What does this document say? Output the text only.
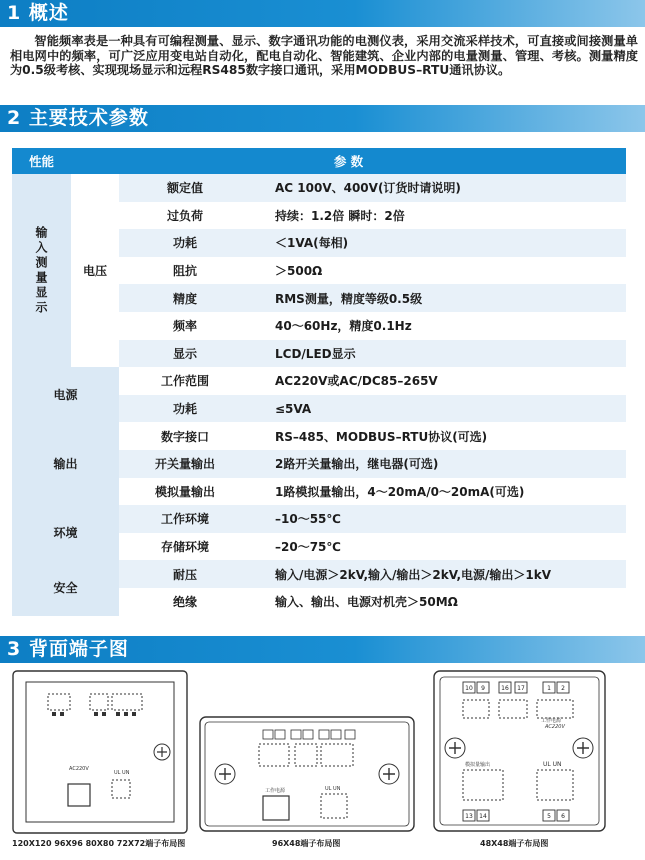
1 概述

智能频率表是一种具有可编程测量、显示、数字通讯功能的电测仪表，采用交流采样技术，可直接或间接测量单相电网中的频率，可广泛应用变电站自动化，配电自动化、智能建筑、企业内部的电量测量、管理、考核。测量精度为0.5级考核、实现现场显示和远程RS485数字接口通讯，采用MODBUS–RTU通讯协议。

2 主要技术参数
性能	参 数		

输入测量显示	电压	额定值	AC 100V、400V(订货时请说明)
		过负荷	持续：1.2倍 瞬时：2倍
		功耗	＜1VA(每相)
		阻抗	＞500Ω
		精度	RMS测量，精度等级0.5级
		频率	40～60Hz，精度0.1Hz
		显示	LCD/LED显示
电源		工作范围	AC220V或AC/DC85–265V
		功耗	≤5VA
输出		数字接口	RS–485、MODBUS–RTU协议(可选)
		开关量输出	2路开关量输出，继电器(可选)
		模拟量输出	1路模拟量输出，4～20mA/0～20mA(可选)
环境		工作环境	–10～55℃
		存储环境	–20～75℃
安全		耐压	输入/电源＞2kV,输入/输出＞2kV,电源/输出＞1kV
		绝缘	输入、输出、电源对机壳＞50MΩ
3 背面端子图
AC220V
UL UN
工作电源	UL UN
10 9	16 17	1 2
13 14	5 6
AC220V
工作电源
模拟量输出	UL UN
120X120 96X96 80X80 72X72端子布局图	96X48端子布局图	48X48端子布局图
